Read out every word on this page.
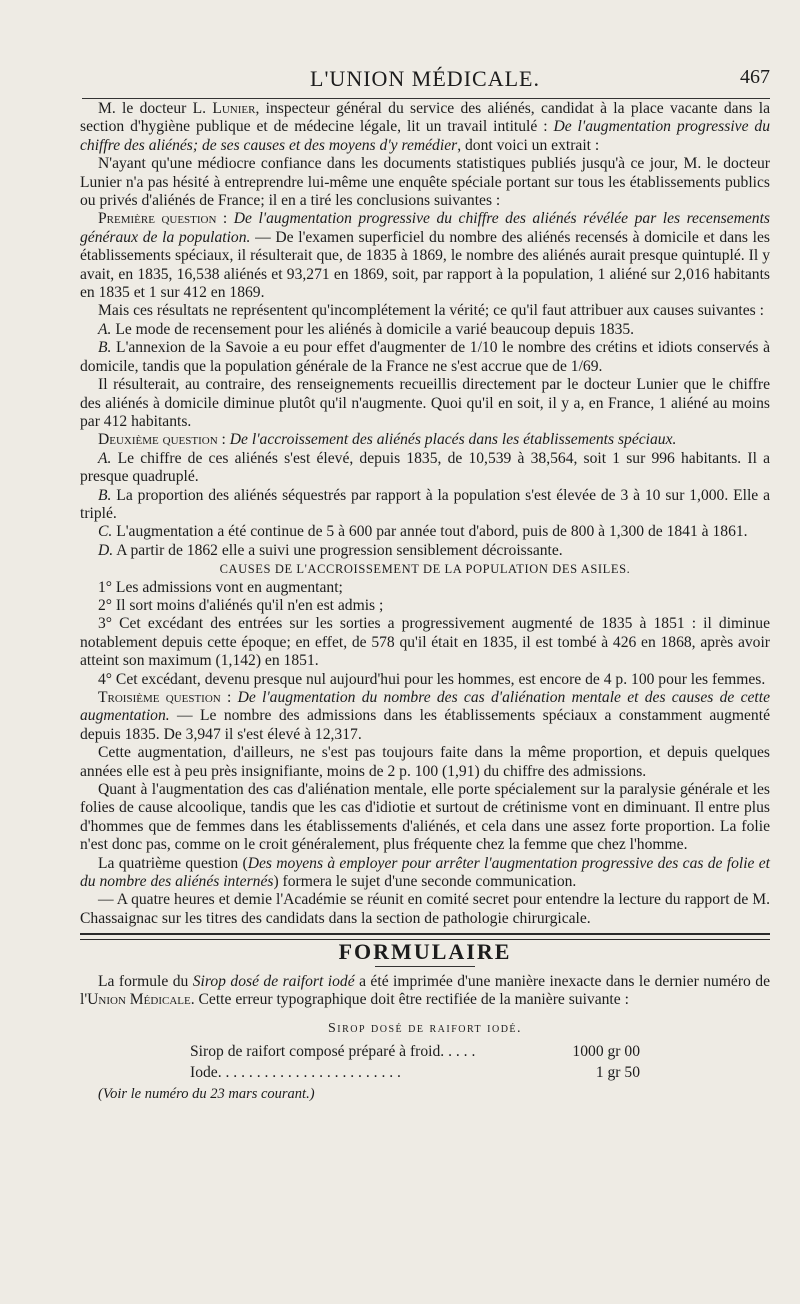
L'UNION MÉDICALE.	467

M. le docteur L. Lunier, inspecteur général du service des aliénés, candidat à la place vacante dans la section d'hygiène publique et de médecine légale, lit un travail intitulé : De l'augmentation progressive du chiffre des aliénés; de ses causes et des moyens d'y remédier, dont voici un extrait :

N'ayant qu'une médiocre confiance dans les documents statistiques publiés jusqu'à ce jour, M. le docteur Lunier n'a pas hésité à entreprendre lui-même une enquête spéciale portant sur tous les établissements publics ou privés d'aliénés de France; il en a tiré les conclusions suivantes :

Première question : De l'augmentation progressive du chiffre des aliénés révélée par les recensements généraux de la population. — De l'examen superficiel du nombre des aliénés recensés à domicile et dans les établissements spéciaux, il résulterait que, de 1835 à 1869, le nombre des aliénés aurait presque quintuplé. Il y avait, en 1835, 16,538 aliénés et 93,271 en 1869, soit, par rapport à la population, 1 aliéné sur 2,016 habitants en 1835 et 1 sur 412 en 1869.

Mais ces résultats ne représentent qu'incomplétement la vérité; ce qu'il faut attribuer aux causes suivantes :

A. Le mode de recensement pour les aliénés à domicile a varié beaucoup depuis 1835.

B. L'annexion de la Savoie a eu pour effet d'augmenter de 1/10 le nombre des crétins et idiots conservés à domicile, tandis que la population générale de la France ne s'est accrue que de 1/69.

Il résulterait, au contraire, des renseignements recueillis directement par le docteur Lunier que le chiffre des aliénés à domicile diminue plutôt qu'il n'augmente. Quoi qu'il en soit, il y a, en France, 1 aliéné au moins par 412 habitants.

Deuxième question : De l'accroissement des aliénés placés dans les établissements spéciaux.

A. Le chiffre de ces aliénés s'est élevé, depuis 1835, de 10,539 à 38,564, soit 1 sur 996 habitants. Il a presque quadruplé.

B. La proportion des aliénés séquestrés par rapport à la population s'est élevée de 3 à 10 sur 1,000. Elle a triplé.

C. L'augmentation a été continue de 5 à 600 par année tout d'abord, puis de 800 à 1,300 de 1841 à 1861.

D. A partir de 1862 elle a suivi une progression sensiblement décroissante.

CAUSES DE L'ACCROISSEMENT DE LA POPULATION DES ASILES.

1° Les admissions vont en augmentant;

2° Il sort moins d'aliénés qu'il n'en est admis ;

3° Cet excédant des entrées sur les sorties a progressivement augmenté de 1835 à 1851 : il diminue notablement depuis cette époque; en effet, de 578 qu'il était en 1835, il est tombé à 426 en 1868, après avoir atteint son maximum (1,142) en 1851.

4° Cet excédant, devenu presque nul aujourd'hui pour les hommes, est encore de 4 p. 100 pour les femmes.

Troisième question : De l'augmentation du nombre des cas d'aliénation mentale et des causes de cette augmentation. — Le nombre des admissions dans les établissements spéciaux a constamment augmenté depuis 1835. De 3,947 il s'est élevé à 12,317.

Cette augmentation, d'ailleurs, ne s'est pas toujours faite dans la même proportion, et depuis quelques années elle est à peu près insignifiante, moins de 2 p. 100 (1,91) du chiffre des admissions.

Quant à l'augmentation des cas d'aliénation mentale, elle porte spécialement sur la paralysie générale et les folies de cause alcoolique, tandis que les cas d'idiotie et surtout de crétinisme vont en diminuant. Il entre plus d'hommes que de femmes dans les établissements d'aliénés, et cela dans une assez forte proportion. La folie n'est donc pas, comme on le croit généralement, plus fréquente chez la femme que chez l'homme.

La quatrième question (Des moyens à employer pour arrêter l'augmentation progressive des cas de folie et du nombre des aliénés internés) formera le sujet d'une seconde communication.

— A quatre heures et demie l'Académie se réunit en comité secret pour entendre la lecture du rapport de M. Chassaignac sur les titres des candidats dans la section de pathologie chirurgicale.

FORMULAIRE

La formule du Sirop dosé de raifort iodé a été imprimée d'une manière inexacte dans le dernier numéro de l'Union Médicale. Cette erreur typographique doit être rectifiée de la manière suivante :

Sirop dosé de raifort iodé.
Sirop de raifort composé préparé à froid. . . . .	1000 gr 00
Iode. . . . . . . . . . . . . . . . . . . . . . . .	1 gr 50

(Voir le numéro du 23 mars courant.)
